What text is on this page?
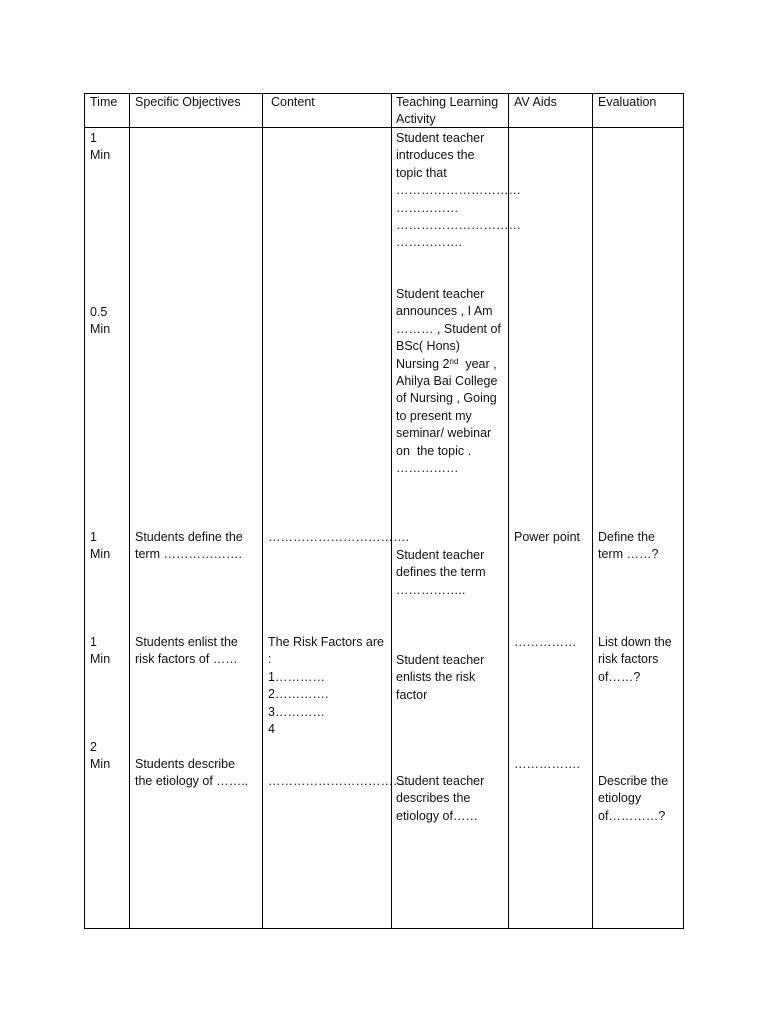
Time Specific Objectives Content	Teaching Learning
Activity
AV Aids	Evaluation
1
Min
Student teacher
introduces the
topic that
…………………………
……………
…………………………
…………….
0.5
Min
Student teacher
announces , I Am
……… , Student of
BSc( Hons)
Nursing 2nd  year ,
Ahilya Bai College
of Nursing , Going
to present my
seminar/ webinar
on  the topic .
……………
1
Min
Students define the
term ……………….
…………………………….
Student teacher
defines the term
……………..
Power point Define the
term ……?
1
Min
Students enlist the
risk factors of ……
The Risk Factors are
:
1…………
2………….
3…………
4
Student teacher
enlists the risk
factor
…………… List down the
risk factors
of……?
2
Min Students describe
the etiology of …….. ……………………………
Student teacher
describes the
etiology of……
…………….
Describe the
etiology
of…………?
